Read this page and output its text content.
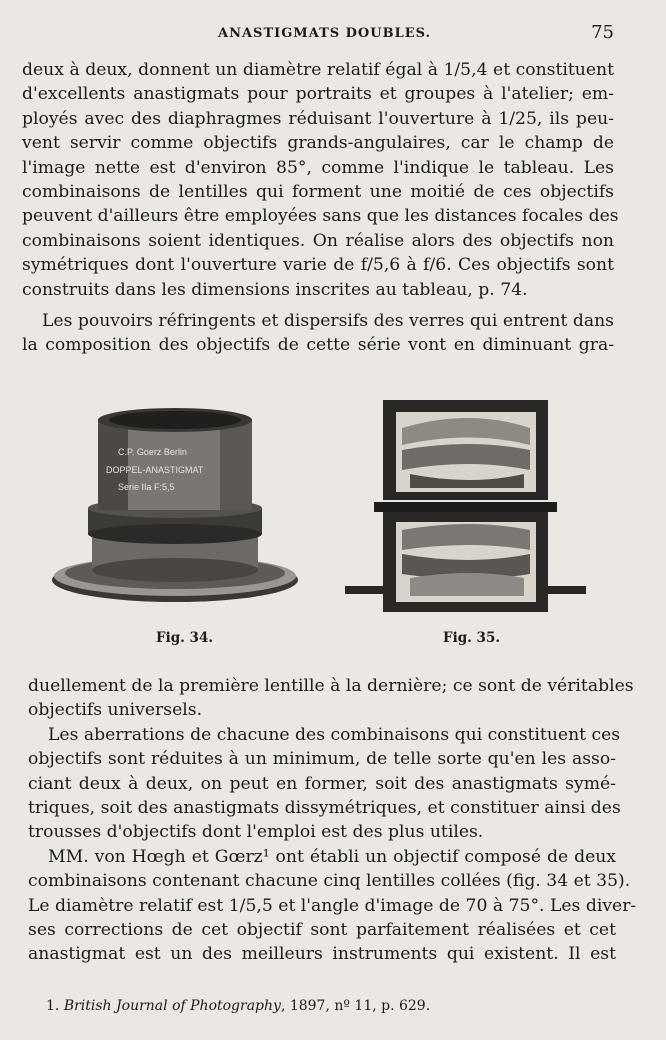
ANASTIGMATS DOUBLES.	75
deux à deux, donnent un diamètre relatif égal à 1/5,4 et constituent
d'excellents anastigmats pour portraits et groupes à l'atelier; em-
ployés avec des diaphragmes réduisant l'ouverture à 1/25, ils peu-
vent servir comme objectifs grands-angulaires, car le champ de
l'image nette est d'environ 85°, comme l'indique le tableau. Les
combinaisons de lentilles qui forment une moitié de ces objectifs
peuvent d'ailleurs être employées sans que les distances focales des
combinaisons soient identiques. On réalise alors des objectifs non
symétriques dont l'ouverture varie de f/5,6 à f/6. Ces objectifs sont
construits dans les dimensions inscrites au tableau, p. 74.
Les pouvoirs réfringents et dispersifs des verres qui entrent dans
la composition des objectifs de cette série vont en diminuant gra-
C.P. Goerz Berlin
DOPPEL-ANASTIGMAT
Serie IIa F:5,5
Fig. 34.	Fig. 35.
duellement de la première lentille à la dernière; ce sont de véritables
objectifs universels.
Les aberrations de chacune des combinaisons qui constituent ces
objectifs sont réduites à un minimum, de telle sorte qu'en les asso-
ciant deux à deux, on peut en former, soit des anastigmats symé-
triques, soit des anastigmats dissymétriques, et constituer ainsi des
trousses d'objectifs dont l'emploi est des plus utiles.
MM. von Hœgh et Gœrz¹ ont établi un objectif composé de deux
combinaisons contenant chacune cinq lentilles collées (fig. 34 et 35).
Le diamètre relatif est 1/5,5 et l'angle d'image de 70 à 75°. Les diver-
ses corrections de cet objectif sont parfaitement réalisées et cet
anastigmat est un des meilleurs instruments qui existent. Il est
1. British Journal of Photography, 1897, nº 11, p. 629.
